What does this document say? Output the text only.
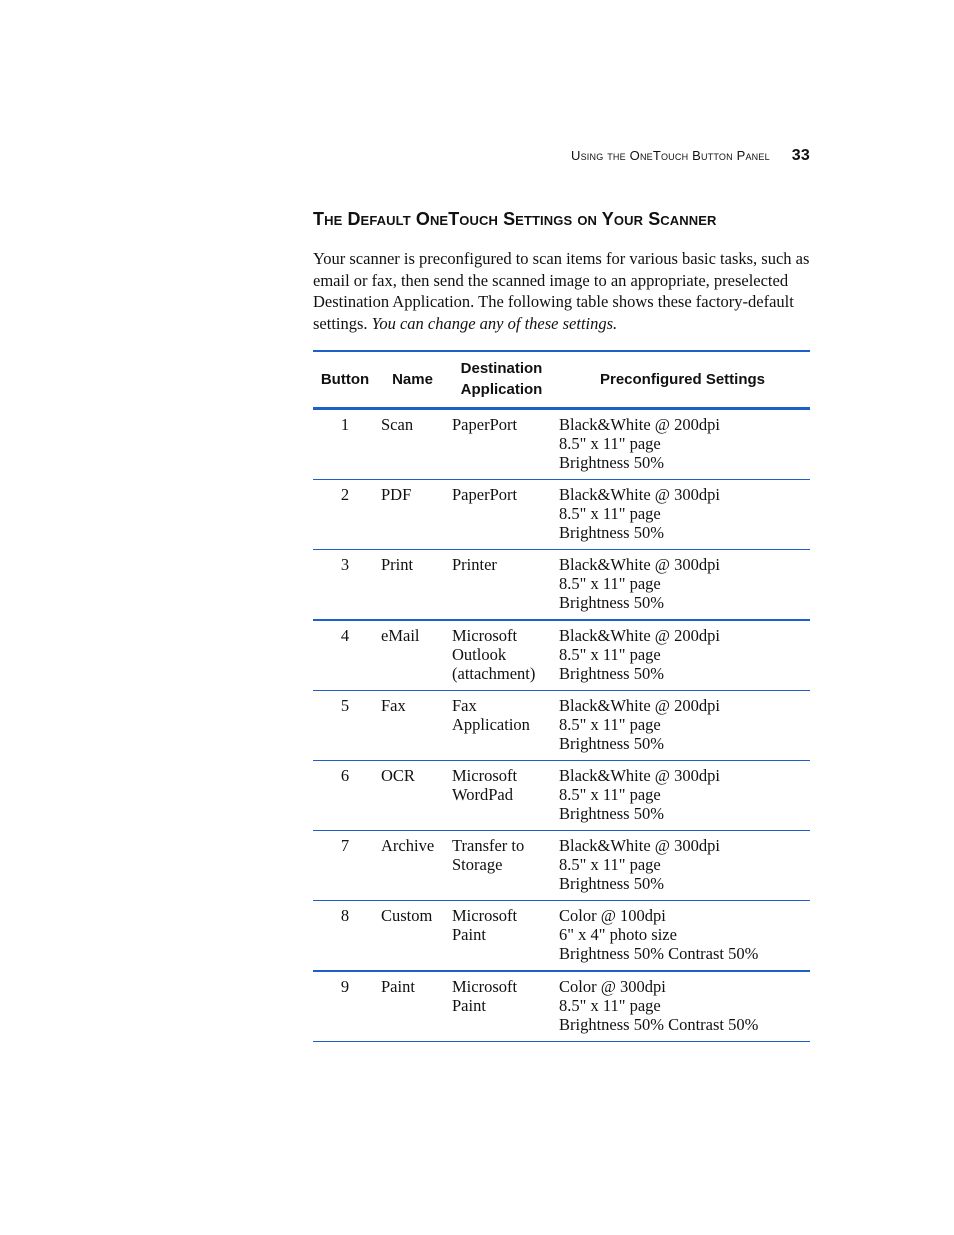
Using the OneTouch Button Panel 33
The Default OneTouch Settings on Your Scanner

Your scanner is preconfigured to scan items for various basic tasks, such as email or fax, then send the scanned image to an appropriate, preselected Destination Application. The following table shows these factory-default settings. You can change any of these settings.

Button	Name	Destination
Application	Preconfigured Settings
1	Scan	PaperPort	Black&White @ 200dpi
8.5" x 11" page
Brightness 50%

2	PDF	PaperPort	Black&White @ 300dpi
8.5" x 11" page
Brightness 50%

3	Print	Printer	Black&White @ 300dpi
8.5" x 11" page
Brightness 50%

4	eMail	Microsoft
Outlook
(attachment)	Black&White @ 200dpi
8.5" x 11" page
Brightness 50%

5	Fax	Fax
Application	Black&White @ 200dpi
8.5" x 11" page
Brightness 50%

6	OCR	Microsoft
WordPad	Black&White @ 300dpi
8.5" x 11" page
Brightness 50%

7	Archive	Transfer to
Storage	Black&White @ 300dpi
8.5" x 11" page
Brightness 50%

8	Custom	Microsoft
Paint	Color @ 100dpi
6" x 4" photo size
Brightness 50% Contrast 50%

9	Paint	Microsoft
Paint	Color @ 300dpi
8.5" x 11" page
Brightness 50% Contrast 50%
